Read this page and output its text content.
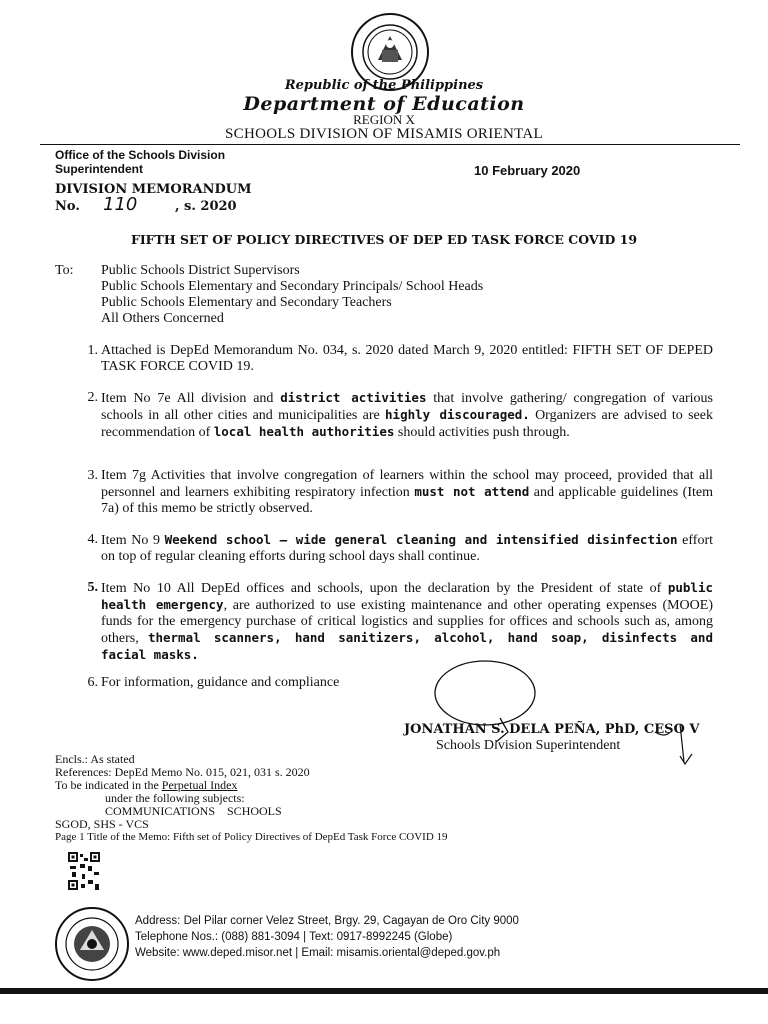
Republic of the Philippines
Department of Education
REGION X
SCHOOLS DIVISION OF MISAMIS ORIENTAL
Office of the Schools Division Superintendent	10 February 2020
DIVISION MEMORANDUM
No. 110	, s. 2020
FIFTH SET OF POLICY DIRECTIVES OF DEP ED TASK FORCE COVID 19
To: Public Schools District Supervisors
Public Schools Elementary and Secondary Principals/ School Heads
Public Schools Elementary and Secondary Teachers
All Others Concerned
1. Attached is DepEd Memorandum No. 034, s. 2020 dated March 9, 2020 entitled: FIFTH SET OF DEPED TASK FORCE COVID 19.
2. Item No 7e All division and district activities that involve gathering/ congregation of various schools in all other cities and municipalities are highly discouraged. Organizers are advised to seek recommendation of local health authorities should activities push through.
3. Item 7g Activities that involve congregation of learners within the school may proceed, provided that all personnel and learners exhibiting respiratory infection must not attend and applicable guidelines (Item 7a) of this memo be strictly observed.
4. Item No 9 Weekend school – wide general cleaning and intensified disinfection effort on top of regular cleaning efforts during school days shall continue.
5. Item No 10 All DepEd offices and schools, upon the declaration by the President of state of public health emergency, are authorized to use existing maintenance and other operating expenses (MOOE) funds for the emergency purchase of critical logistics and supplies for offices and schools such as, among others, thermal scanners, hand sanitizers, alcohol, hand soap, disinfects and facial masks.
6. For information, guidance and compliance
JONATHAN S. DELA PEÑA, PhD, CESO V
Schools Division Superintendent
Encls.: As stated
References: DepEd Memo No. 015, 021, 031 s. 2020
To be indicated in the Perpetual Index
under the following subjects:
COMMUNICATIONS    SCHOOLS
SGOD, SHS - VCS
Page 1 Title of the Memo: Fifth set of Policy Directives of DepEd Task Force COVID 19
Address: Del Pilar corner Velez Street, Brgy. 29, Cagayan de Oro City 9000
Telephone Nos.: (088) 881-3094 | Text: 0917-8992245 (Globe)
Website: www.deped.misor.net | Email: misamis.oriental@deped.gov.ph
